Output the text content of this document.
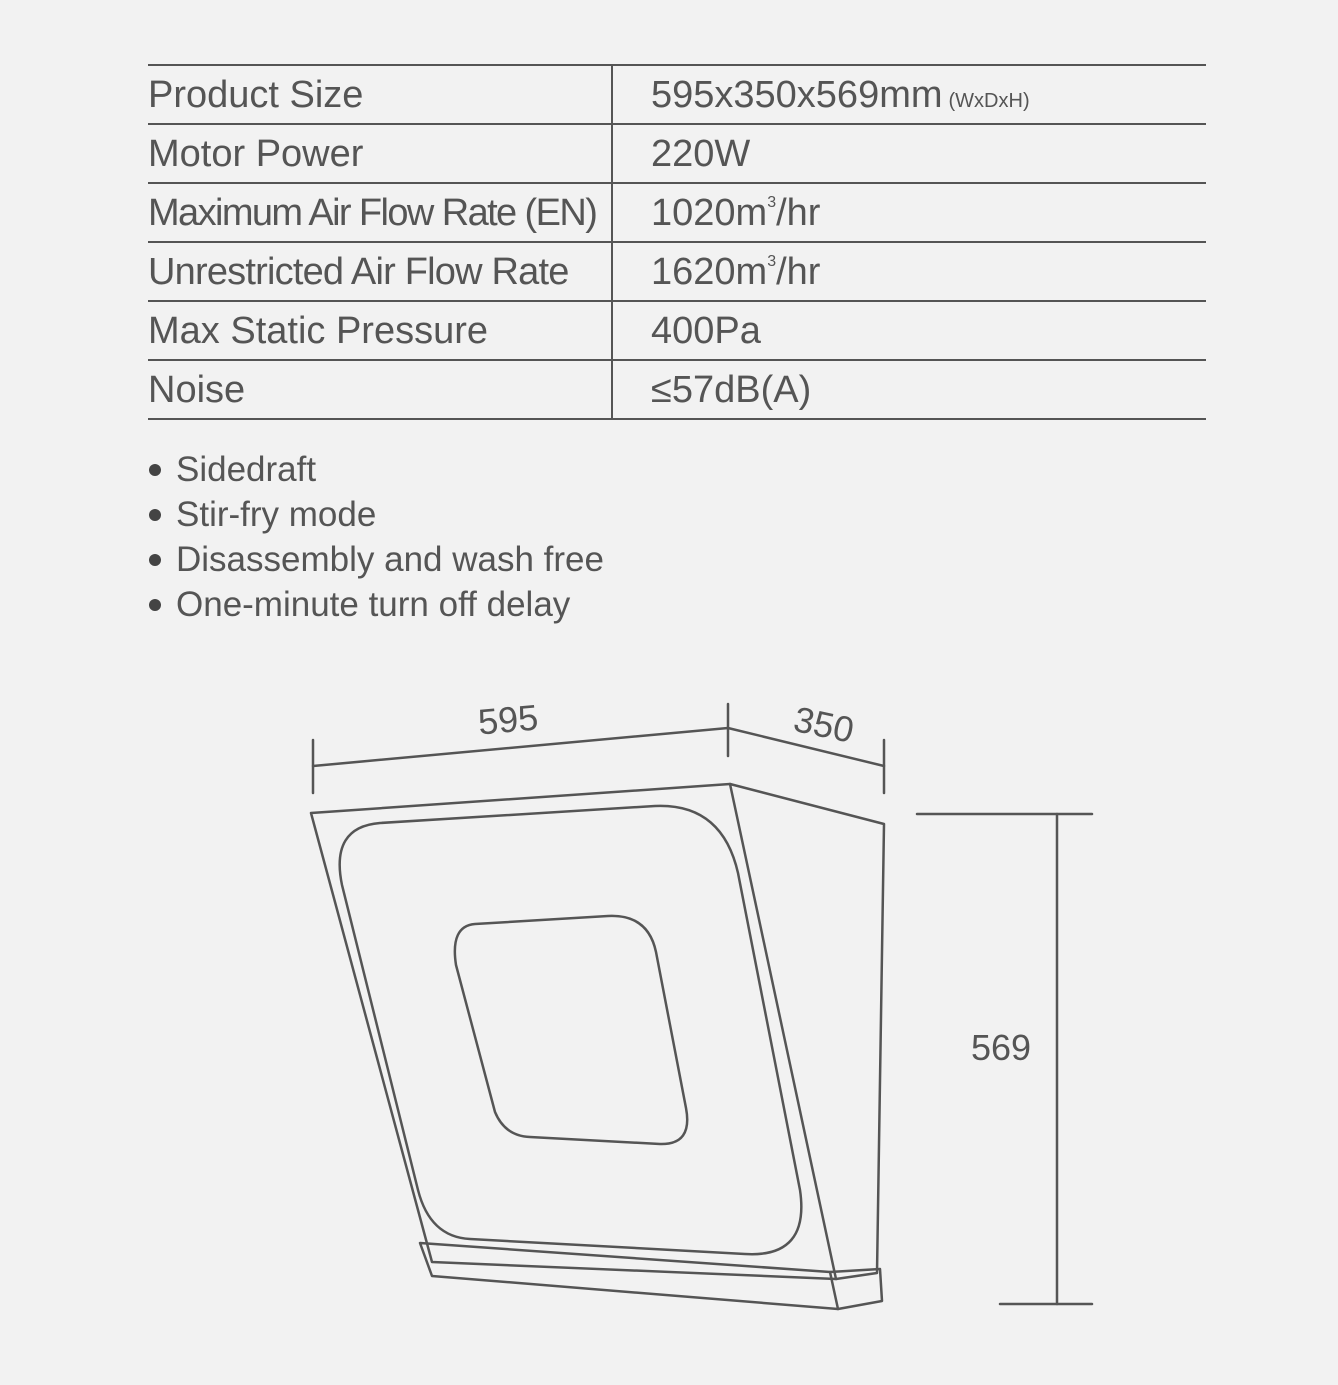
Product Size	595x350x569mm (WxDxH)
Motor Power	220W
Maximum Air Flow Rate (EN)	$1020m^3/hr$
Unrestricted Air Flow Rate	$1620m^3/hr$
Max Static Pressure	400Pa
Noise	≤57dB(A)
Sidedraft
Stir-fry mode
Disassembly and wash free
One-minute turn off delay
595	350
569
